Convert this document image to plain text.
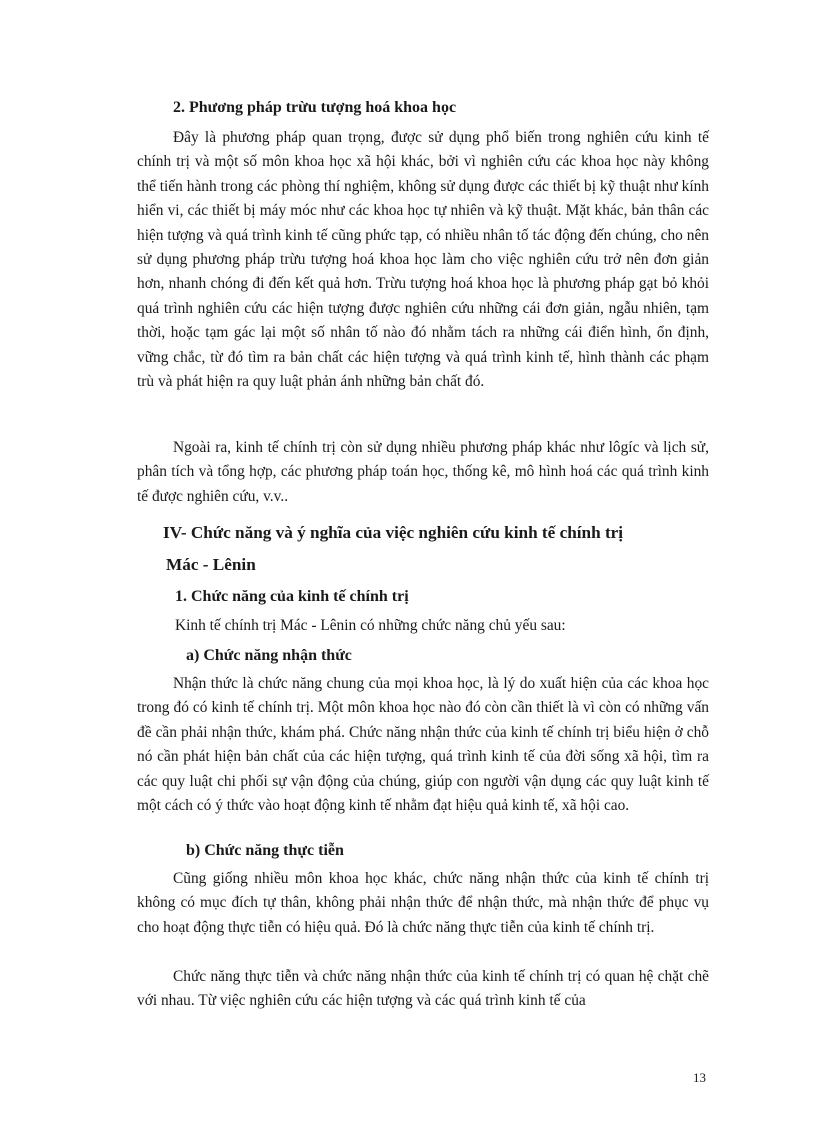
2. Phương pháp trừu tượng hoá khoa học

Đây là phương pháp quan trọng, được sử dụng phổ biến trong nghiên cứu kinh tế chính trị và một số môn khoa học xã hội khác, bởi vì nghiên cứu các khoa học này không thể tiến hành trong các phòng thí nghiệm, không sử dụng được các thiết bị kỹ thuật như kính hiển vi, các thiết bị máy móc như các khoa học tự nhiên và kỹ thuật. Mặt khác, bản thân các hiện tượng và quá trình kinh tế cũng phức tạp, có nhiều nhân tố tác động đến chúng, cho nên sử dụng phương pháp trừu tượng hoá khoa học làm cho việc nghiên cứu trở nên đơn giản hơn, nhanh chóng đi đến kết quả hơn. Trừu tượng hoá khoa học là phương pháp gạt bỏ khỏi quá trình nghiên cứu các hiện tượng được nghiên cứu những cái đơn giản, ngẫu nhiên, tạm thời, hoặc tạm gác lại một số nhân tố nào đó nhằm tách ra những cái điển hình, ổn định, vững chắc, từ đó tìm ra bản chất các hiện tượng và quá trình kinh tế, hình thành các phạm trù và phát hiện ra quy luật phản ánh những bản chất đó.

Ngoài ra, kinh tế chính trị còn sử dụng nhiều phương pháp khác như lôgíc và lịch sử, phân tích và tổng hợp, các phương pháp toán học, thống kê, mô hình hoá các quá trình kinh tế được nghiên cứu, v.v..

IV- Chức năng và ý nghĩa của việc nghiên cứu kinh tế chính trị
Mác - Lênin
1. Chức năng của kinh tế chính trị
Kinh tế chính trị Mác - Lênin có những chức năng chủ yếu sau:
a) Chức năng nhận thức

Nhận thức là chức năng chung của mọi khoa học, là lý do xuất hiện của các khoa học trong đó có kinh tế chính trị. Một môn khoa học nào đó còn cần thiết là vì còn có những vấn đề cần phải nhận thức, khám phá. Chức năng nhận thức của kinh tế chính trị biểu hiện ở chỗ nó cần phát hiện bản chất của các hiện tượng, quá trình kinh tế của đời sống xã hội, tìm ra các quy luật chi phối sự vận động của chúng, giúp con người vận dụng các quy luật kinh tế một cách có ý thức vào hoạt động kinh tế nhằm đạt hiệu quả kinh tế, xã hội cao.

b) Chức năng thực tiễn

Cũng giống nhiều môn khoa học khác, chức năng nhận thức của kinh tế chính trị không có mục đích tự thân, không phải nhận thức để nhận thức, mà nhận thức để phục vụ cho hoạt động thực tiễn có hiệu quả. Đó là chức năng thực tiễn của kinh tế chính trị.

Chức năng thực tiễn và chức năng nhận thức của kinh tế chính trị có quan hệ chặt chẽ với nhau. Từ việc nghiên cứu các hiện tượng và các quá trình kinh tế của

13
